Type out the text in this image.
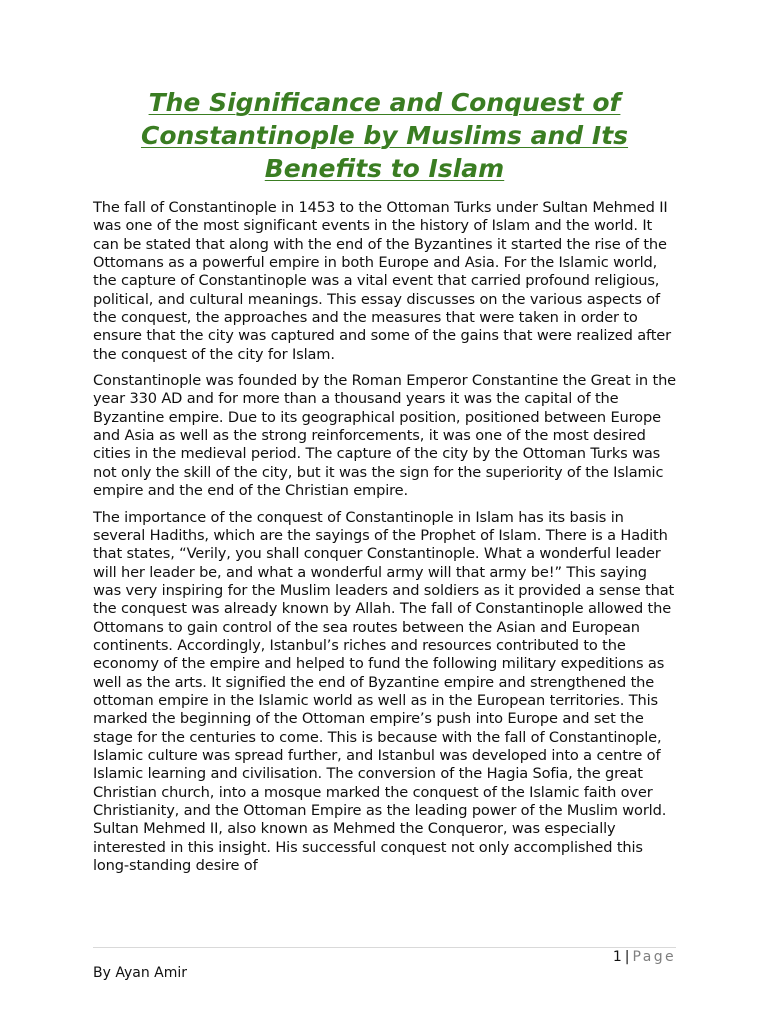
The Significance and Conquest of Constantinople by Muslims and Its Benefits to Islam

The fall of Constantinople in 1453 to the Ottoman Turks under Sultan Mehmed II was one of the most significant events in the history of Islam and the world. It can be stated that along with the end of the Byzantines it started the rise of the Ottomans as a powerful empire in both Europe and Asia. For the Islamic world, the capture of Constantinople was a vital event that carried profound religious, political, and cultural meanings. This essay discusses on the various aspects of the conquest, the approaches and the measures that were taken in order to ensure that the city was captured and some of the gains that were realized after the conquest of the city for Islam.

Constantinople was founded by the Roman Emperor Constantine the Great in the year 330 AD and for more than a thousand years it was the capital of the Byzantine empire. Due to its geographical position, positioned between Europe and Asia as well as the strong reinforcements, it was one of the most desired cities in the medieval period. The capture of the city by the Ottoman Turks was not only the skill of the city, but it was the sign for the superiority of the Islamic empire and the end of the Christian empire.

The importance of the conquest of Constantinople in Islam has its basis in several Hadiths, which are the sayings of the Prophet of Islam. There is a Hadith that states, “Verily, you shall conquer Constantinople. What a wonderful leader will her leader be, and what a wonderful army will that army be!” This saying was very inspiring for the Muslim leaders and soldiers as it provided a sense that the conquest was already known by Allah. The fall of Constantinople allowed the Ottomans to gain control of the sea routes between the Asian and European continents. Accordingly, Istanbul’s riches and resources contributed to the economy of the empire and helped to fund the following military expeditions as well as the arts. It signified the end of Byzantine empire and strengthened the ottoman empire in the Islamic world as well as in the European territories. This marked the beginning of the Ottoman empire’s push into Europe and set the stage for the centuries to come. This is because with the fall of Constantinople, Islamic culture was spread further, and Istanbul was developed into a centre of Islamic learning and civilisation. The conversion of the Hagia Sofia, the great Christian church, into a mosque marked the conquest of the Islamic faith over Christianity, and the Ottoman Empire as the leading power of the Muslim world. Sultan Mehmed II, also known as Mehmed the Conqueror, was especially interested in this insight. His successful conquest not only accomplished this long-standing desire of

1 | Page
By Ayan Amir
